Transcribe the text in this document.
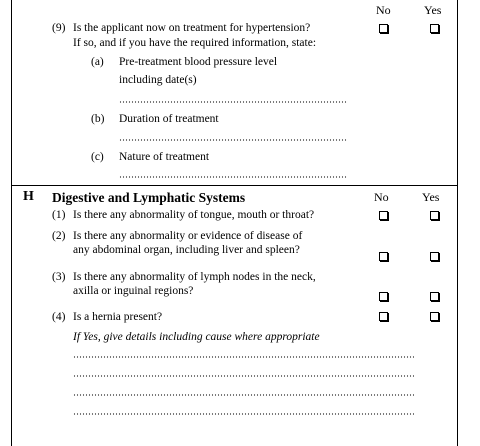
No	Yes
(9) Is the applicant now on treatment for hypertension?
If so, and if you have the required information, state:
(a) Pre-treatment blood pressure level
including date(s)
(b) Duration of treatment
(c) Nature of treatment
H Digestive and Lymphatic Systems	No	Yes
(1) Is there any abnormality of tongue, mouth or throat?
(2) Is there any abnormality or evidence of disease of
any abdominal organ, including liver and spleen?
(3) Is there any abnormality of lymph nodes in the neck,
axilla or inguinal regions?
(4) Is a hernia present?
If Yes, give details including cause where appropriate
